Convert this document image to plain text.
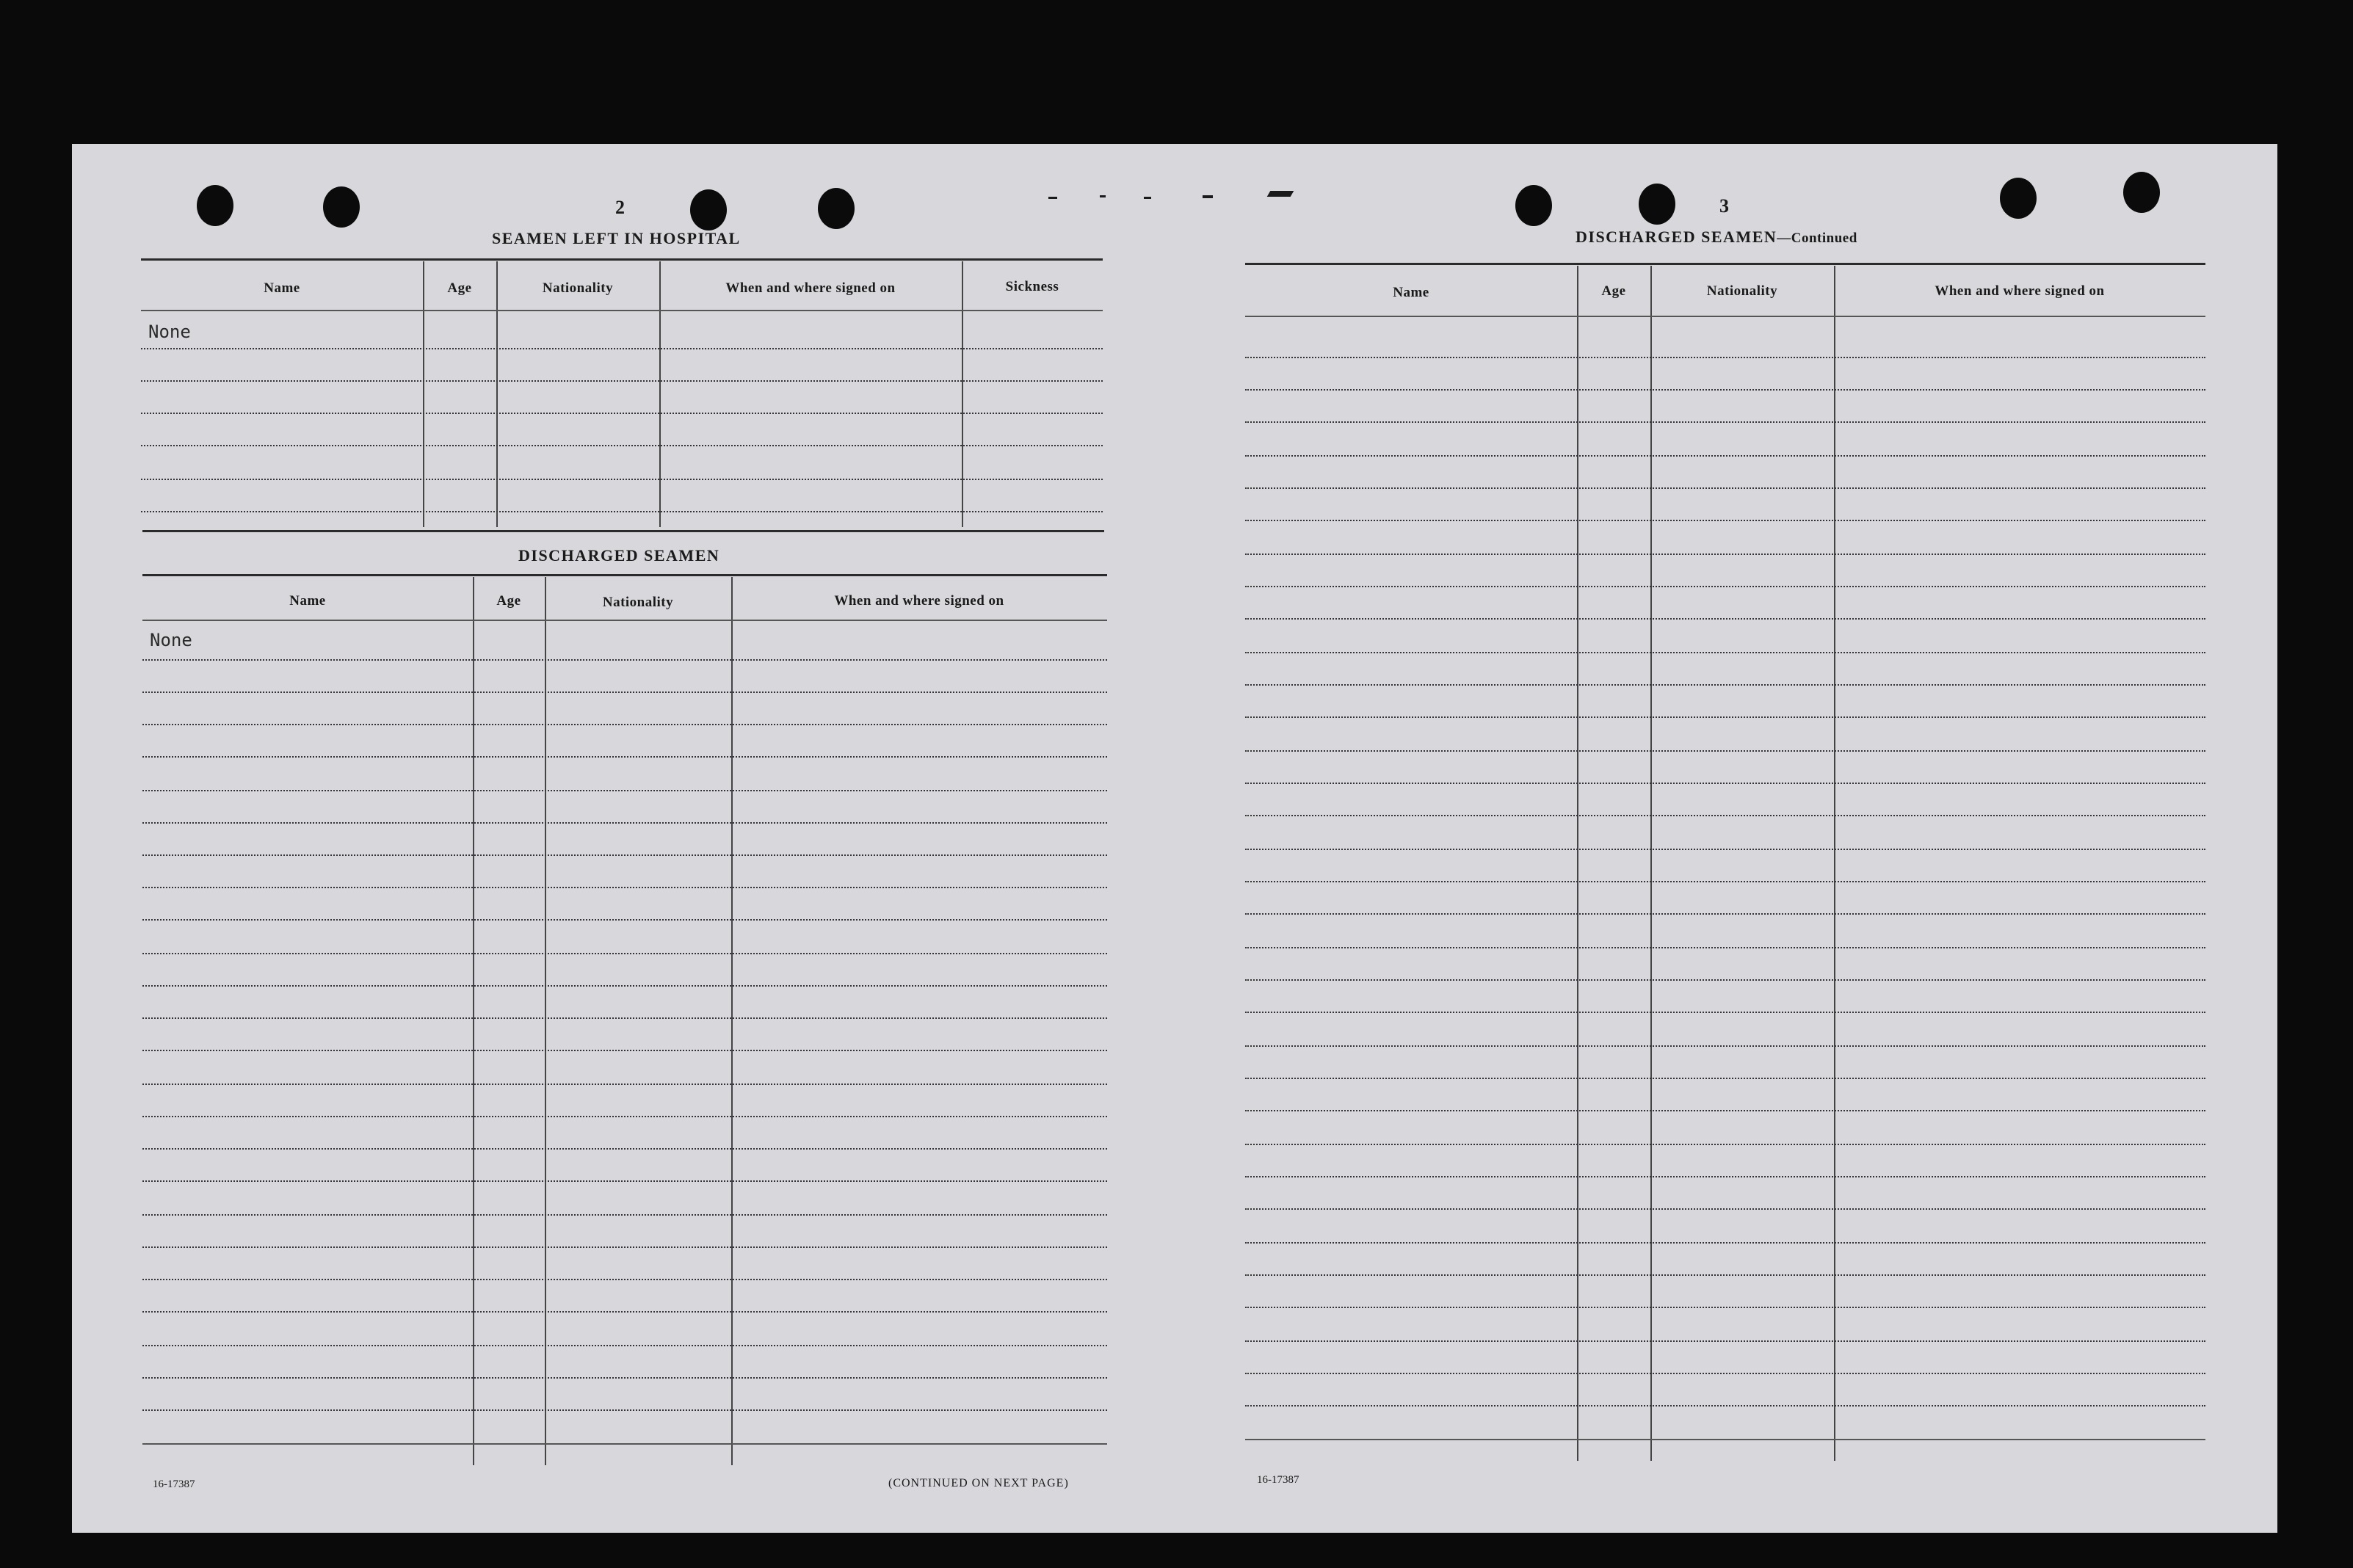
2
SEAMEN LEFT IN HOSPITAL
Name	Age	Nationality	When and where signed on	Sickness
None
DISCHARGED SEAMEN
Name	Age	Nationality	When and where signed on
None
16-17387	(CONTINUED ON NEXT PAGE)
3
DISCHARGED SEAMEN—Continued
Name	Age	Nationality	When and where signed on
16-17387
